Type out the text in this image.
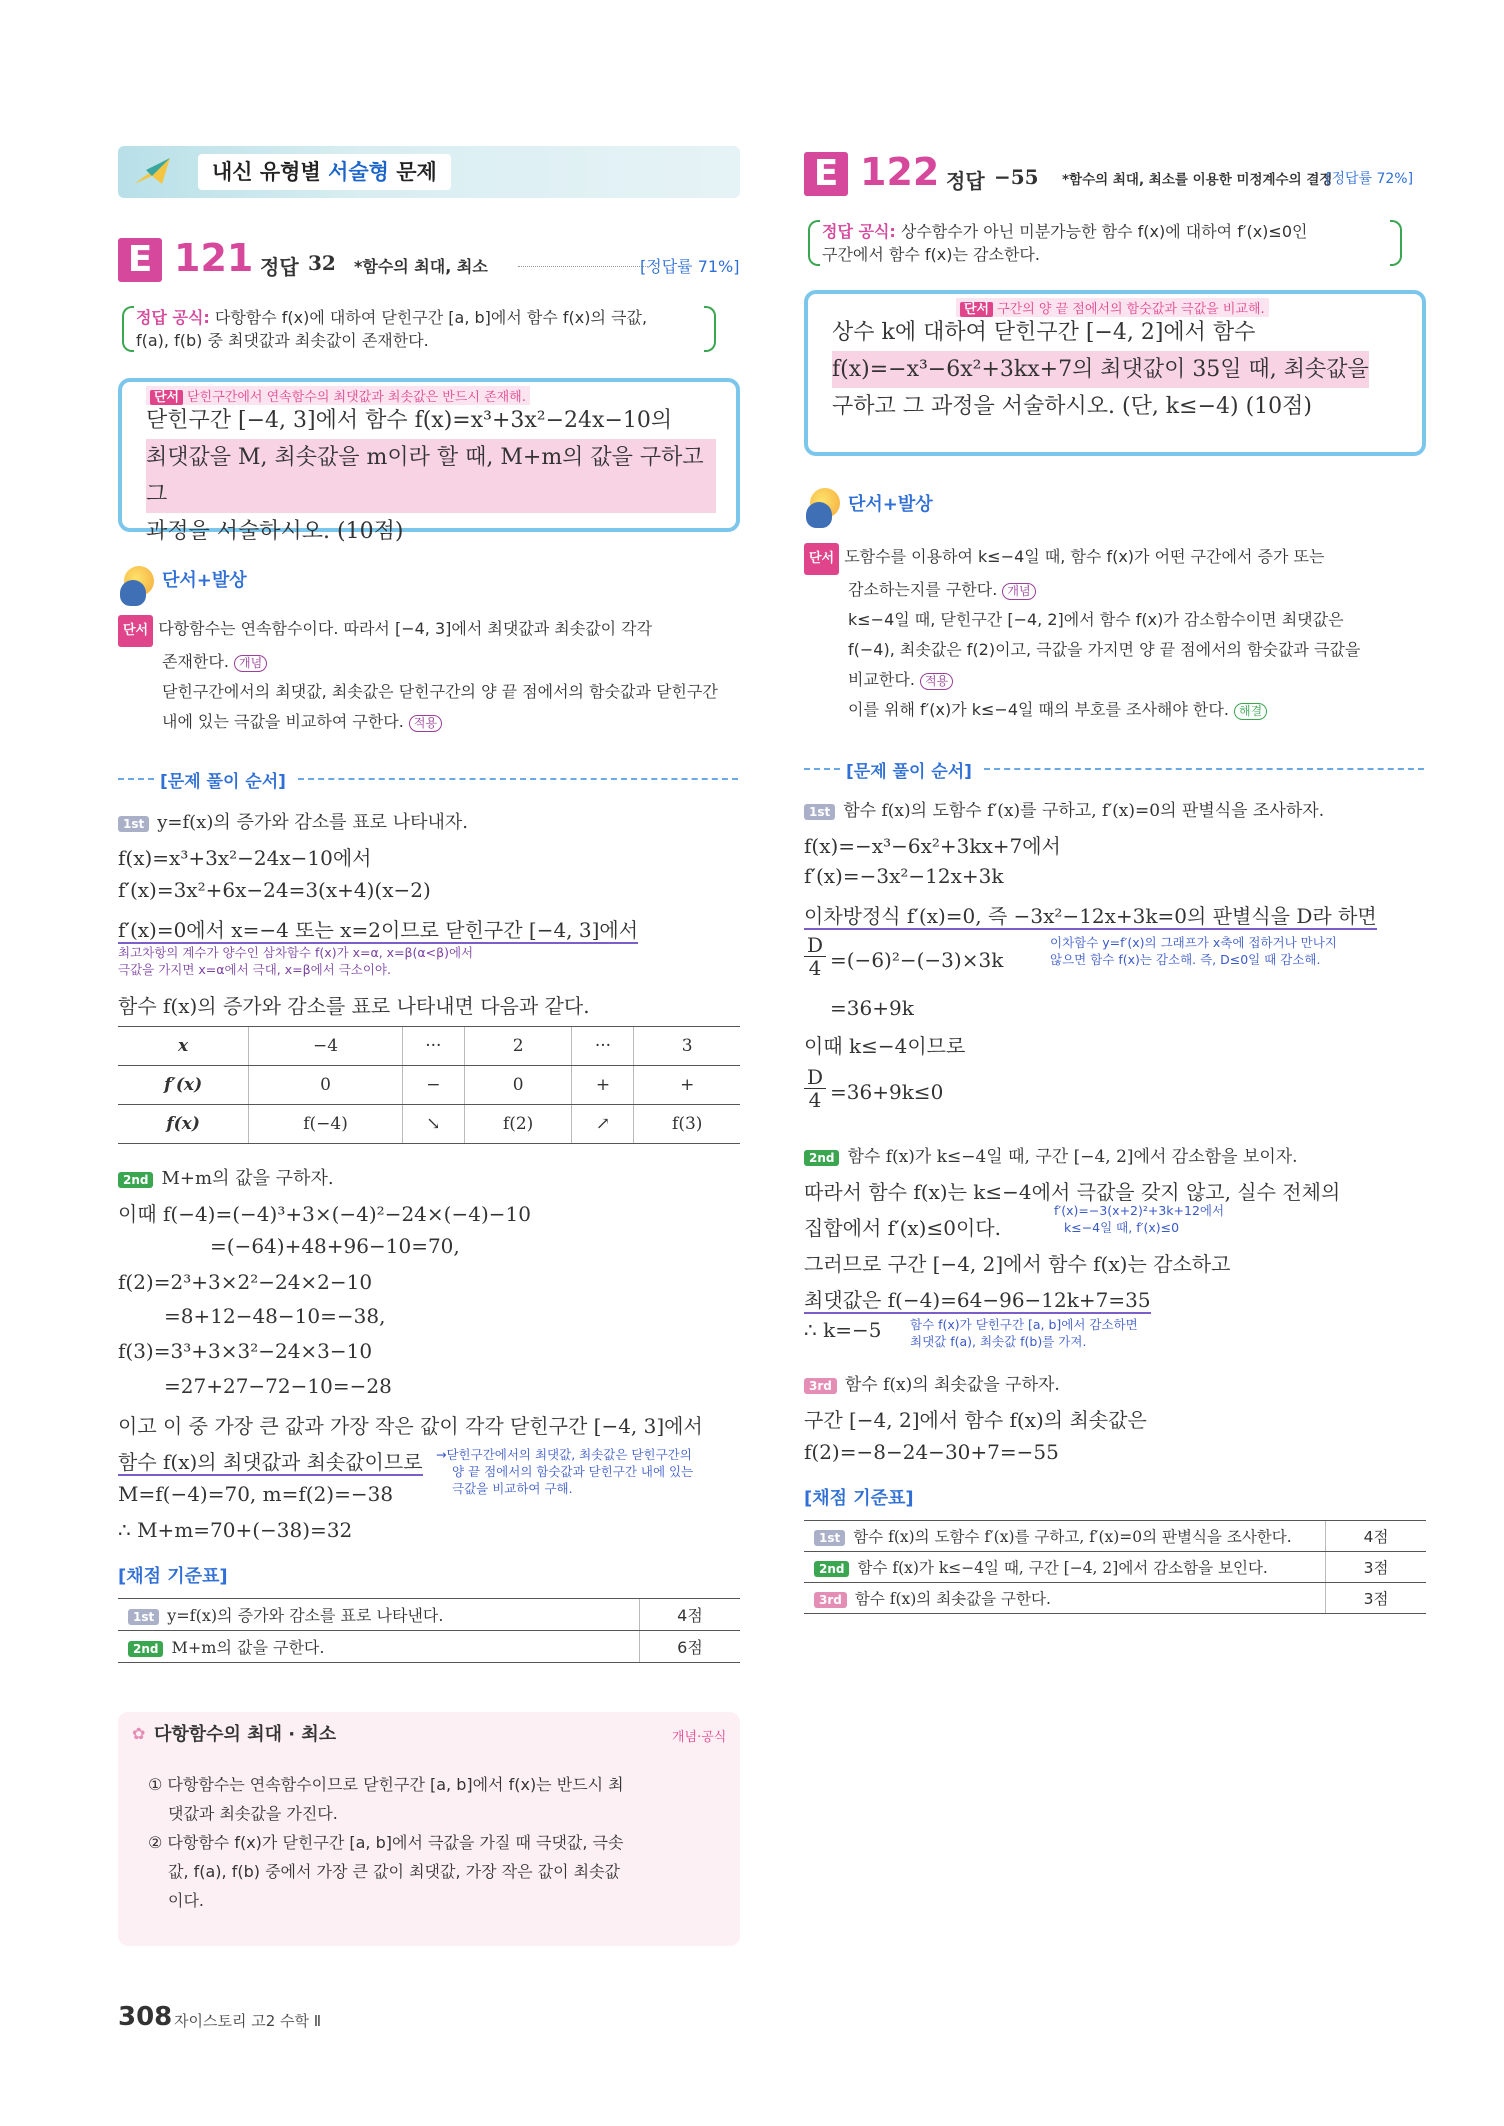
내신 유형별 서술형 문제
E 121 정답 32 *함수의 최대, 최소	[정답률 71%]
정답 공식: 다항함수 f(x)에 대하여 닫힌구간 [a, b]에서 함수 f(x)의 극값,
f(a), f(b) 중 최댓값과 최솟값이 존재한다.
단서 닫힌구간에서 연속함수의 최댓값과 최솟값은 반드시 존재해.
닫힌구간 [−4, 3]에서 함수 f(x)=x³+3x²−24x−10의
최댓값을 M, 최솟값을 m이라 할 때, M+m의 값을 구하고 그
과정을 서술하시오. (10점)
단서+발상
단서 다항함수는 연속함수이다. 따라서 [−4, 3]에서 최댓값과 최솟값이 각각
존재한다. 개념
닫힌구간에서의 최댓값, 최솟값은 닫힌구간의 양 끝 점에서의 함숫값과 닫힌구간
내에 있는 극값을 비교하여 구한다. 적용
[문제 풀이 순서]
1st y=f(x)의 증가와 감소를 표로 나타내자.
f(x)=x³+3x²−24x−10에서
f′(x)=3x²+6x−24=3(x+4)(x−2)
f′(x)=0에서 x=−4 또는 x=2이므로 닫힌구간 [−4, 3]에서
최고차항의 계수가 양수인 삼차함수 f(x)가 x=α, x=β(α<β)에서
극값을 가지면 x=α에서 극대, x=β에서 극소이야.
함수 f(x)의 증가와 감소를 표로 나타내면 다음과 같다.
x	−4	···	2	···	3
f′(x)	0	−	0	+	+
f(x)	f(−4)	↘	f(2)	↗	f(3)
2nd M+m의 값을 구하자.
이때 f(−4)=(−4)³+3×(−4)²−24×(−4)−10
=(−64)+48+96−10=70,
f(2)=2³+3×2²−24×2−10
=8+12−48−10=−38,
f(3)=3³+3×3²−24×3−10
=27+27−72−10=−28
이고 이 중 가장 큰 값과 가장 작은 값이 각각 닫힌구간 [−4, 3]에서
함수 f(x)의 최댓값과 최솟값이므로 →닫힌구간에서의 최댓값, 최솟값은 닫힌구간의
양 끝 점에서의 함숫값과 닫힌구간 내에 있는
극값을 비교하여 구해.
M=f(−4)=70, m=f(2)=−38
∴ M+m=70+(−38)=32
[채점 기준표]
1st y=f(x)의 증가와 감소를 표로 나타낸다.	4점
2nd M+m의 값을 구한다.	6점
✿ 다항함수의 최대 · 최소	개념·공식
① 다항함수는 연속함수이므로 닫힌구간 [a, b]에서 f(x)는 반드시 최
댓값과 최솟값을 가진다.
② 다항함수 f(x)가 닫힌구간 [a, b]에서 극값을 가질 때 극댓값, 극솟
값, f(a), f(b) 중에서 가장 큰 값이 최댓값, 가장 작은 값이 최솟값
이다.
308 자이스토리 고2 수학 Ⅱ
E 122 정답 −55 *함수의 최대, 최소를 이용한 미정계수의 결정
[정답률 72%]
정답 공식: 상수함수가 아닌 미분가능한 함수 f(x)에 대하여 f′(x)≤0인
구간에서 함수 f(x)는 감소한다.
단서 구간의 양 끝 점에서의 함숫값과 극값을 비교해.
상수 k에 대하여 닫힌구간 [−4, 2]에서 함수
f(x)=−x³−6x²+3kx+7의 최댓값이 35일 때, 최솟값을
구하고 그 과정을 서술하시오. (단, k≤−4) (10점)
단서+발상
단서 도함수를 이용하여 k≤−4일 때, 함수 f(x)가 어떤 구간에서 증가 또는
감소하는지를 구한다. 개념
k≤−4일 때, 닫힌구간 [−4, 2]에서 함수 f(x)가 감소함수이면 최댓값은
f(−4), 최솟값은 f(2)이고, 극값을 가지면 양 끝 점에서의 함숫값과 극값을
비교한다. 적용
이를 위해 f′(x)가 k≤−4일 때의 부호를 조사해야 한다. 해결
[문제 풀이 순서]
1st 함수 f(x)의 도함수 f′(x)를 구하고, f′(x)=0의 판별식을 조사하자.
f(x)=−x³−6x²+3kx+7에서
f′(x)=−3x²−12x+3k
이차방정식 f′(x)=0, 즉 −3x²−12x+3k=0의 판별식을 D라 하면
D
4 =(−6)²−(−3)×3k
이차함수 y=f′(x)의 그래프가 x축에 접하거나 만나지
않으면 함수 f(x)는 감소해. 즉, D≤0일 때 감소해.
=36+9k
이때 k≤−4이므로
D
4 =36+9k≤0
2nd 함수 f(x)가 k≤−4일 때, 구간 [−4, 2]에서 감소함을 보이자.
따라서 함수 f(x)는 k≤−4에서 극값을 갖지 않고, 실수 전체의
집합에서 f′(x)≤0이다.
f′(x)=−3(x+2)²+3k+12에서
k≤−4일 때, f′(x)≤0
그러므로 구간 [−4, 2]에서 함수 f(x)는 감소하고
최댓값은 f(−4)=64−96−12k+7=35
∴ k=−5 함수 f(x)가 닫힌구간 [a, b]에서 감소하면
최댓값 f(a), 최솟값 f(b)를 가져.
3rd 함수 f(x)의 최솟값을 구하자.
구간 [−4, 2]에서 함수 f(x)의 최솟값은
f(2)=−8−24−30+7=−55
[채점 기준표]
1st 함수 f(x)의 도함수 f′(x)를 구하고, f′(x)=0의 판별식을 조사한다.	4점
2nd 함수 f(x)가 k≤−4일 때, 구간 [−4, 2]에서 감소함을 보인다.	3점
3rd 함수 f(x)의 최솟값을 구한다.	3점
